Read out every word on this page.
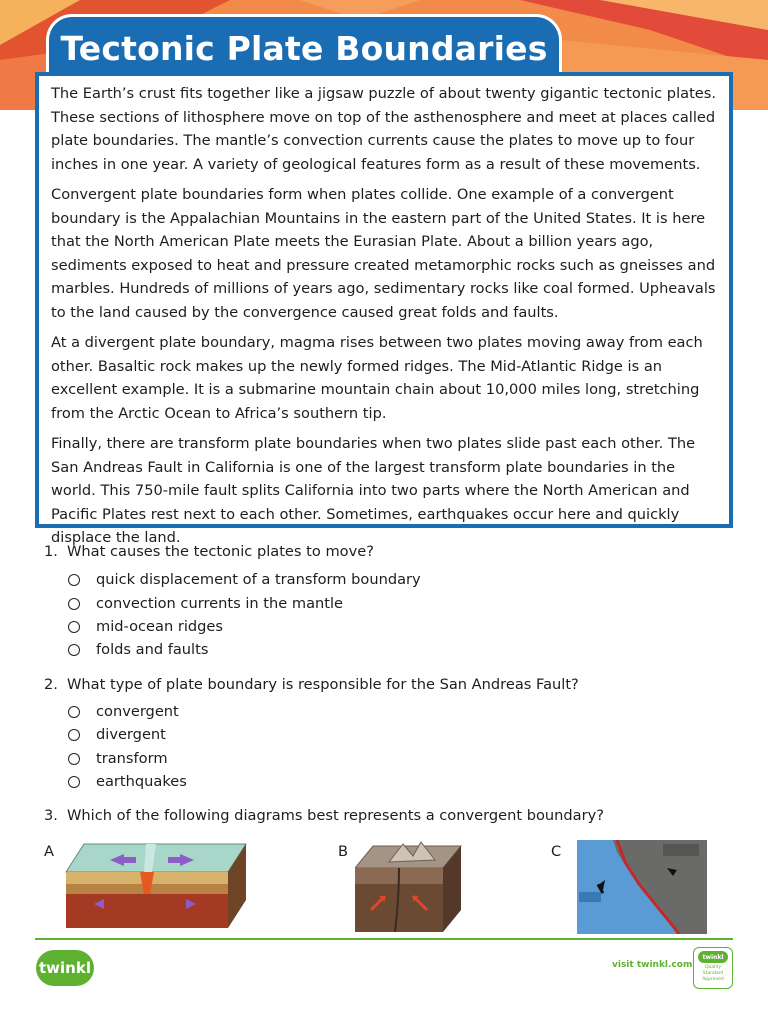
Tectonic Plate Boundaries

The Earth’s crust fits together like a jigsaw puzzle of about twenty gigantic tectonic plates. These sections of lithosphere move on top of the asthenosphere and meet at places called plate boundaries. The mantle’s convection currents cause the plates to move up to four inches in one year. A variety of geological features form as a result of these movements.

Convergent plate boundaries form when plates collide. One example of a convergent boundary is the Appalachian Mountains in the eastern part of the United States. It is here that the North American Plate meets the Eurasian Plate. About a billion years ago, sediments exposed to heat and pressure created metamorphic rocks such as gneisses and marbles. Hundreds of millions of years ago, sedimentary rocks like coal formed. Upheavals to the land caused by the convergence caused great folds and faults.

At a divergent plate boundary, magma rises between two plates moving away from each other. Basaltic rock makes up the newly formed ridges. The Mid-Atlantic Ridge is an excellent example. It is a submarine mountain chain about 10,000 miles long, stretching from the Arctic Ocean to Africa’s southern tip.

Finally, there are transform plate boundaries when two plates slide past each other. The San Andreas Fault in California is one of the largest transform plate boundaries in the world. This 750-mile fault splits California into two parts where the North American and Pacific Plates rest next to each other. Sometimes, earthquakes occur here and quickly displace the land.

1. What causes the tectonic plates to move?
quick displacement of a transform boundary
convection currents in the mantle
mid-ocean ridges
folds and faults
2. What type of plate boundary is responsible for the San Andreas Fault?
convergent
divergent
transform
earthquakes
3. Which of the following diagrams best represents a convergent boundary?
A	B	C
twinkl	visit twinkl.com
twinkl
Quality Standard Approved
